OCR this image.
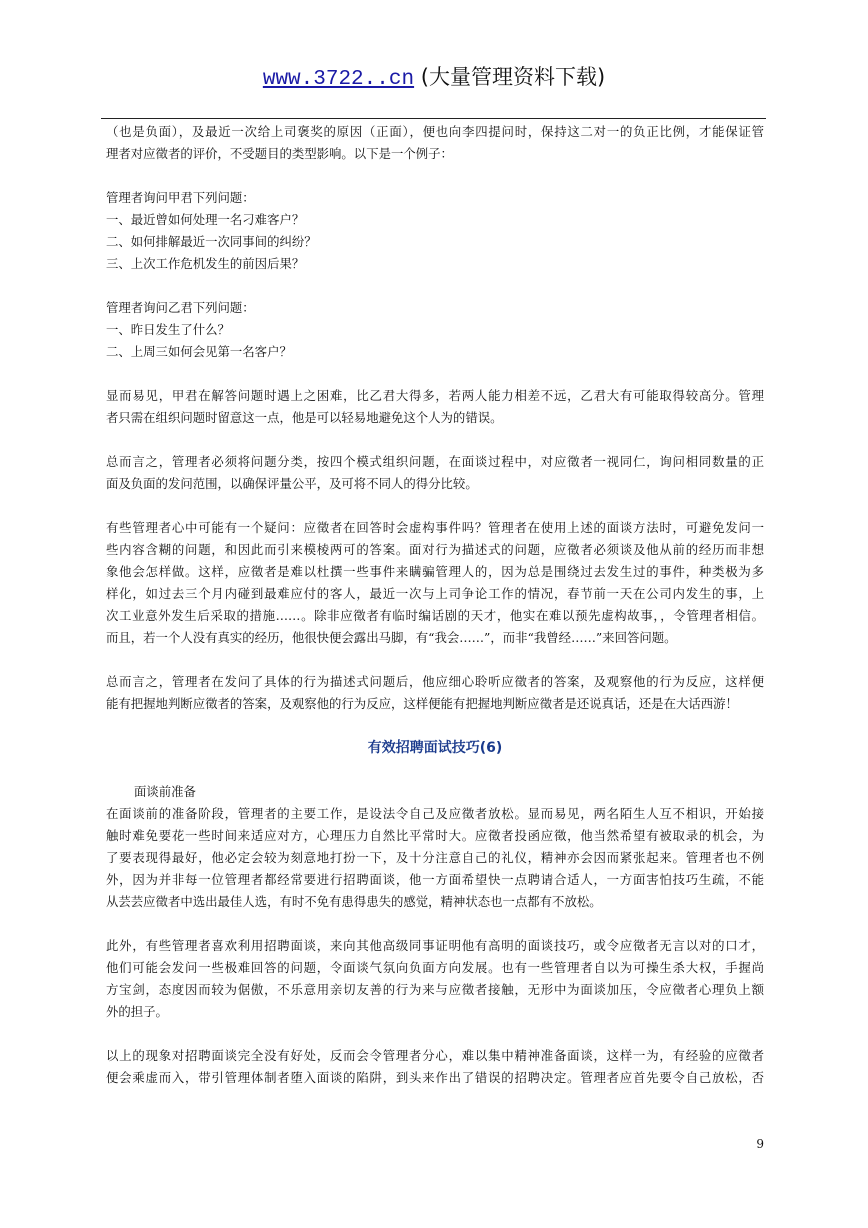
www.3722..cn (大量管理资料下载)

（也是负面），及最近一次给上司褒奖的原因（正面），便也向李四提问时，保持这二对一的负正比例，才能保证管

理者对应徵者的评价，不受题目的类型影响。以下是一个例子：

管理者询问甲君下列问题：

一、最近曾如何处理一名刁难客户？

二、如何排解最近一次同事间的纠纷？

三、上次工作危机发生的前因后果？

管理者询问乙君下列问题：

一、昨日发生了什么？

二、上周三如何会见第一名客户？

显而易见，甲君在解答问题时遇上之困难，比乙君大得多，若两人能力相差不远，乙君大有可能取得较高分。管理

者只需在组织问题时留意这一点，他是可以轻易地避免这个人为的错误。

总而言之，管理者必须将问题分类，按四个模式组织问题，在面谈过程中，对应徵者一视同仁，询问相同数量的正

面及负面的发问范围，以确保评量公平，及可将不同人的得分比较。

有些管理者心中可能有一个疑问：应徵者在回答时会虚构事件吗？管理者在使用上述的面谈方法时，可避免发问一

些内容含糊的问题，和因此而引来模棱两可的答案。面对行为描述式的问题，应徵者必须谈及他从前的经历而非想

象他会怎样做。这样，应徵者是难以杜撰一些事件来瞒骗管理人的，因为总是围绕过去发生过的事件，种类极为多

样化，如过去三个月内碰到最难应付的客人，最近一次与上司争论工作的情况，春节前一天在公司内发生的事，上

次工业意外发生后采取的措施……。除非应徵者有临时编话剧的天才，他实在难以预先虚构故事，，令管理者相信。

而且，若一个人没有真实的经历，他很快便会露出马脚，有“我会……”，而非“我曾经……”来回答问题。

总而言之，管理者在发问了具体的行为描述式问题后，他应细心聆听应徵者的答案，及观察他的行为反应，这样便

能有把握地判断应徵者的答案，及观察他的行为反应，这样便能有把握地判断应徵者是还说真话，还是在大话西游！

有效招聘面试技巧(6)

面谈前准备

在面谈前的准备阶段，管理者的主要工作，是设法令自己及应徵者放松。显而易见，两名陌生人互不相识，开始接

触时难免要花一些时间来适应对方，心理压力自然比平常时大。应徵者投函应徵，他当然希望有被取录的机会，为

了要表现得最好，他必定会较为刻意地打扮一下，及十分注意自己的礼仪，精神亦会因而紧张起来。管理者也不例

外，因为并非每一位管理者都经常要进行招聘面谈，他一方面希望快一点聘请合适人，一方面害怕技巧生疏，不能

从芸芸应徵者中选出最佳人选，有时不免有患得患失的感觉，精神状态也一点都有不放松。

此外，有些管理者喜欢利用招聘面谈，来向其他高级同事证明他有高明的面谈技巧，或令应徵者无言以对的口才，

他们可能会发问一些极难回答的问题，令面谈气氛向负面方向发展。也有一些管理者自以为可操生杀大权，手握尚

方宝剑，态度因而较为倨傲，不乐意用亲切友善的行为来与应徵者接触，无形中为面谈加压，令应徵者心理负上额

外的担子。

以上的现象对招聘面谈完全没有好处，反而会令管理者分心，难以集中精神准备面谈，这样一为，有经验的应徵者

便会乘虚而入，带引管理体制者堕入面谈的陷阱，到头来作出了错误的招聘决定。管理者应首先要令自己放松，否

9
